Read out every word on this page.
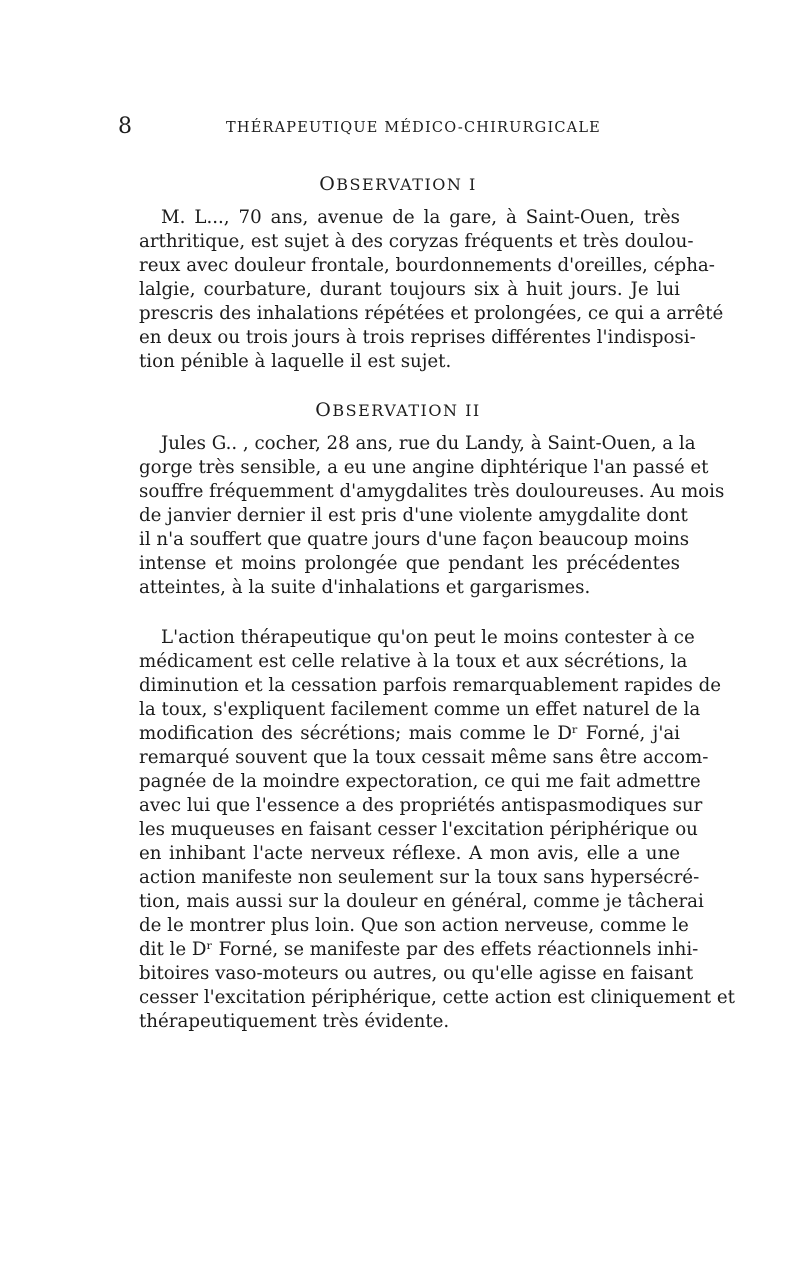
8	THÉRAPEUTIQUE MÉDICO-CHIRURGICALE
OBSERVATION I
M. L..., 70 ans, avenue de la gare, à Saint-Ouen, très
arthritique, est sujet à des coryzas fréquents et très doulou-
reux avec douleur frontale, bourdonnements d'oreilles, cépha-
lalgie, courbature, durant toujours six à huit jours. Je lui
prescris des inhalations répétées et prolongées, ce qui a arrêté
en deux ou trois jours à trois reprises différentes l'indisposi-
tion pénible à laquelle il est sujet.
OBSERVATION II
Jules G.. , cocher, 28 ans, rue du Landy, à Saint-Ouen, a la
gorge très sensible, a eu une angine diphtérique l'an passé et
souffre fréquemment d'amygdalites très douloureuses. Au mois
de janvier dernier il est pris d'une violente amygdalite dont
il n'a souffert que quatre jours d'une façon beaucoup moins
intense et moins prolongée que pendant les précédentes
atteintes, à la suite d'inhalations et gargarismes.
L'action thérapeutique qu'on peut le moins contester à ce
médicament est celle relative à la toux et aux sécrétions, la
diminution et la cessation parfois remarquablement rapides de
la toux, s'expliquent facilement comme un effet naturel de la
modification des sécrétions; mais comme le Dʳ Forné, j'ai
remarqué souvent que la toux cessait même sans être accom-
pagnée de la moindre expectoration, ce qui me fait admettre
avec lui que l'essence a des propriétés antispasmodiques sur
les muqueuses en faisant cesser l'excitation périphérique ou
en inhibant l'acte nerveux réflexe. A mon avis, elle a une
action manifeste non seulement sur la toux sans hypersécré-
tion, mais aussi sur la douleur en général, comme je tâcherai
de le montrer plus loin. Que son action nerveuse, comme le
dit le Dʳ Forné, se manifeste par des effets réactionnels inhi-
bitoires vaso-moteurs ou autres, ou qu'elle agisse en faisant
cesser l'excitation périphérique, cette action est cliniquement et
thérapeutiquement très évidente.
